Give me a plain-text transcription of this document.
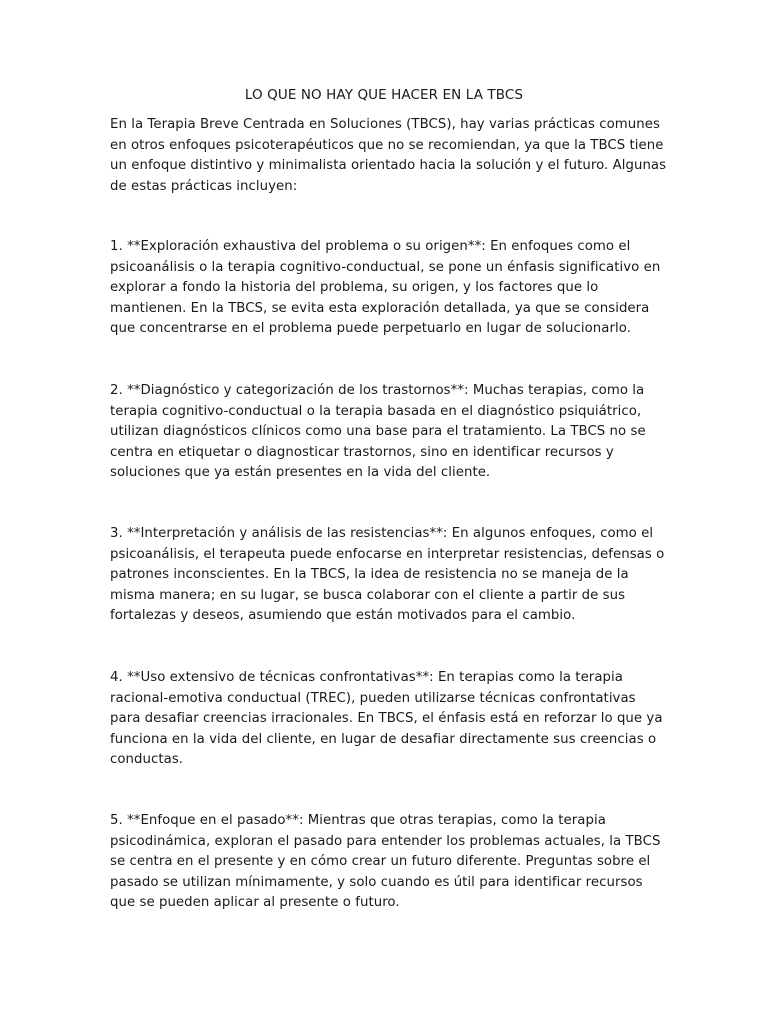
LO QUE NO HAY QUE HACER EN LA TBCS

En la Terapia Breve Centrada en Soluciones (TBCS), hay varias prácticas comunes en otros enfoques psicoterapéuticos que no se recomiendan, ya que la TBCS tiene un enfoque distintivo y minimalista orientado hacia la solución y el futuro. Algunas de estas prácticas incluyen:

1. **Exploración exhaustiva del problema o su origen**: En enfoques como el psicoanálisis o la terapia cognitivo-conductual, se pone un énfasis significativo en explorar a fondo la historia del problema, su origen, y los factores que lo mantienen. En la TBCS, se evita esta exploración detallada, ya que se considera que concentrarse en el problema puede perpetuarlo en lugar de solucionarlo.

2. **Diagnóstico y categorización de los trastornos**: Muchas terapias, como la terapia cognitivo-conductual o la terapia basada en el diagnóstico psiquiátrico, utilizan diagnósticos clínicos como una base para el tratamiento. La TBCS no se centra en etiquetar o diagnosticar trastornos, sino en identificar recursos y soluciones que ya están presentes en la vida del cliente.

3. **Interpretación y análisis de las resistencias**: En algunos enfoques, como el psicoanálisis, el terapeuta puede enfocarse en interpretar resistencias, defensas o patrones inconscientes. En la TBCS, la idea de resistencia no se maneja de la misma manera; en su lugar, se busca colaborar con el cliente a partir de sus fortalezas y deseos, asumiendo que están motivados para el cambio.

4. **Uso extensivo de técnicas confrontativas**: En terapias como la terapia racional-emotiva conductual (TREC), pueden utilizarse técnicas confrontativas para desafiar creencias irracionales. En TBCS, el énfasis está en reforzar lo que ya funciona en la vida del cliente, en lugar de desafiar directamente sus creencias o conductas.

5. **Enfoque en el pasado**: Mientras que otras terapias, como la terapia psicodinámica, exploran el pasado para entender los problemas actuales, la TBCS se centra en el presente y en cómo crear un futuro diferente. Preguntas sobre el pasado se utilizan mínimamente, y solo cuando es útil para identificar recursos que se pueden aplicar al presente o futuro.
